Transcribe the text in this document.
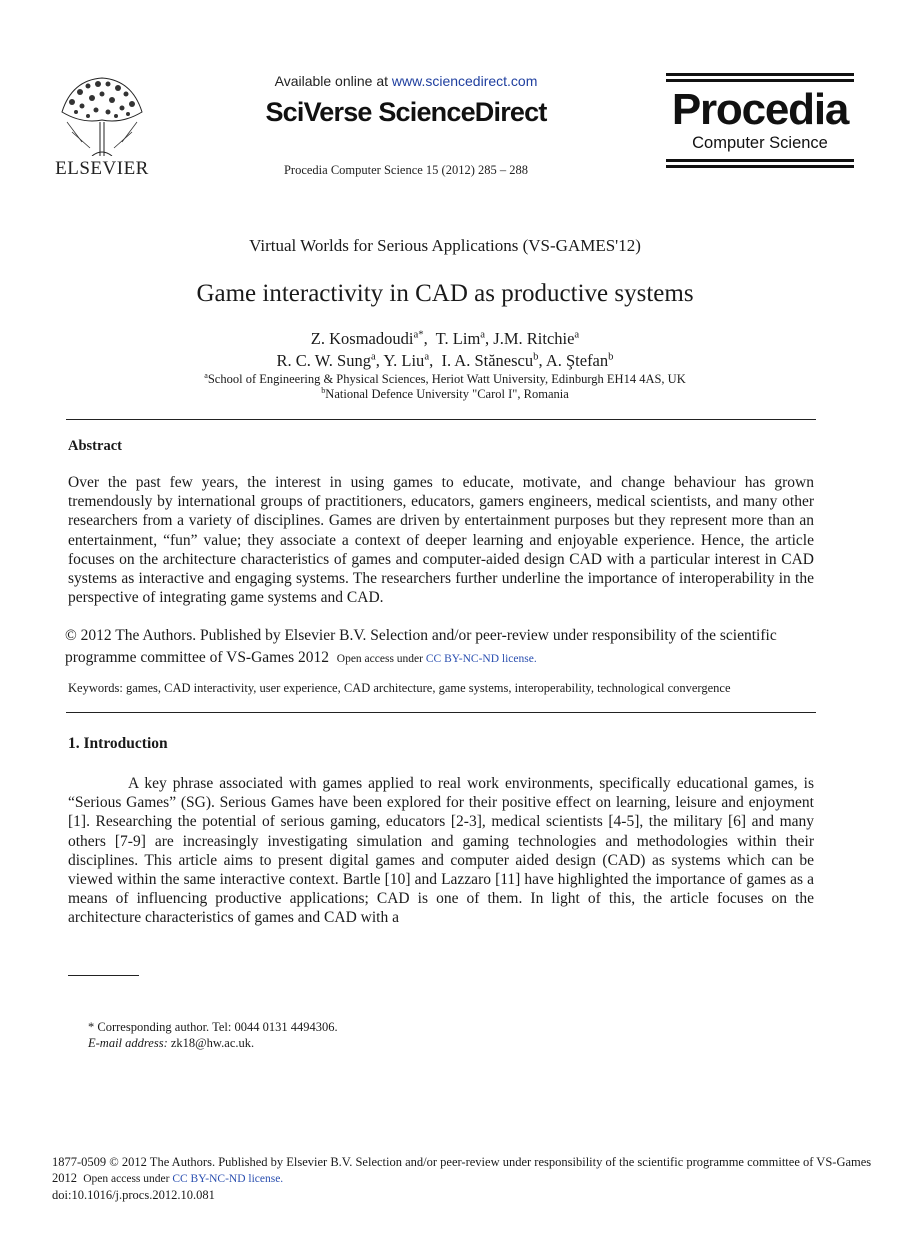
ELSEVIER
Available online at www.sciencedirect.com
SciVerse ScienceDirect
Procedia Computer Science 15 (2012) 285 – 288
Procedia
Computer Science
Virtual Worlds for Serious Applications (VS-GAMES'12)
Game interactivity in CAD as productive systems
Z. Kosmadoudi$^{a*}$,  T. Lim$^a$, J.M. Ritchie$^a$
R. C. W. Sung$^a$, Y. Liu$^a$,  I. A. Stănescu$^b$, A. Ştefan$^b$
$^a$School of Engineering & Physical Sciences, Heriot Watt University, Edinburgh EH14 4AS, UK
$^b$National Defence University "Carol I", Romania
Abstract
Over the past few years, the interest in using games to educate, motivate, and change behaviour has grown tremendously by international groups of practitioners, educators, gamers engineers, medical scientists, and many other researchers from a variety of disciplines. Games are driven by entertainment purposes but they represent more than an entertainment, “fun” value; they associate a context of deeper learning and enjoyable experience. Hence, the article focuses on the architecture characteristics of games and computer-aided design CAD with a particular interest in CAD systems as interactive and engaging systems. The researchers further underline the importance of interoperability in the perspective of integrating game systems and CAD.
© 2012 The Authors. Published by Elsevier B.V. Selection and/or peer-review under responsibility of the scientific programme committee of VS-Games 2012 Open access under CC BY-NC-ND license.
Keywords: games, CAD interactivity, user experience, CAD architecture, game systems, interoperability, technological convergence
1. Introduction
A key phrase associated with games applied to real work environments, specifically educational games, is “Serious Games” (SG). Serious Games have been explored for their positive effect on learning, leisure and enjoyment [1]. Researching the potential of serious gaming, educators [2-3], medical scientists [4-5], the military [6] and many others [7-9] are increasingly investigating simulation and gaming technologies and methodologies within their disciplines. This article aims to present digital games and computer aided design (CAD) as systems which can be viewed within the same interactive context. Bartle [10] and Lazzaro [11] have highlighted the importance of games as a means of influencing productive applications; CAD is one of them. In light of this, the article focuses on the architecture characteristics of games and CAD with a
* Corresponding author. Tel: 0044 0131 4494306.
E-mail address: zk18@hw.ac.uk.
1877-0509 © 2012 The Authors. Published by Elsevier B.V. Selection and/or peer-review under responsibility of the scientific programme committee of VS-Games 2012 Open access under CC BY-NC-ND license.
doi:10.1016/j.procs.2012.10.081
